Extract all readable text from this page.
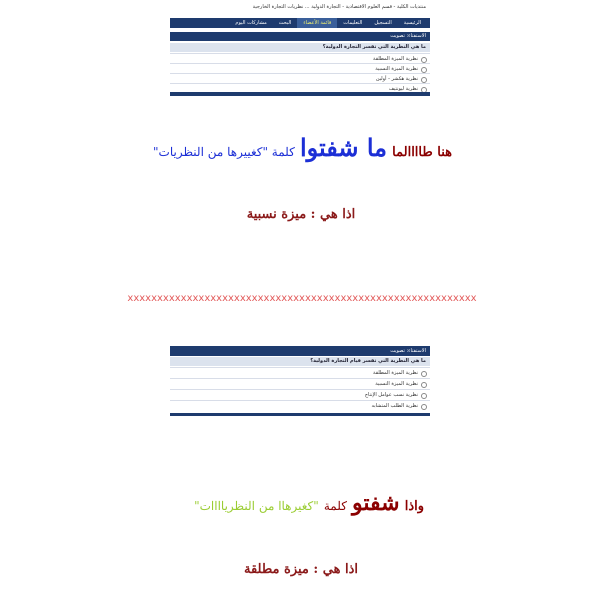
منتديات الكلية - قسم العلوم الاقتصادية - التجارة الدولية ... نظريات التجارة الخارجية
الرئيسية
التسجيل
التعليمات
قائمة الأعضاء
البحث
مشاركات اليوم
الاستفتاء: تصويت
ما هي النظرية التي تفسر التجارة الدولية؟
نظرية الميزة المطلقة
نظرية الميزة النسبية
نظرية هكشر - أولين
نظرية ليونتيف
هنا طاااالما ما شفتوا كلمة "كغييرها من النظريات"
اذا هي : ميزة نسبية
xxxxxxxxxxxxxxxxxxxxxxxxxxxxxxxxxxxxxxxxxxxxxxxxxxxxxxxxxxx
الاستفتاء: تصويت
ما هي النظرية التي تفسر قيام التجارة الدولية؟
نظرية الميزة المطلقة
نظرية الميزة النسبية
نظرية نسب عوامل الإنتاج
نظرية الطلب المتشابه
واذا شفتو كلمة "كغيرهاا من النظرياااات"
اذا هي : ميزة مطلقة
